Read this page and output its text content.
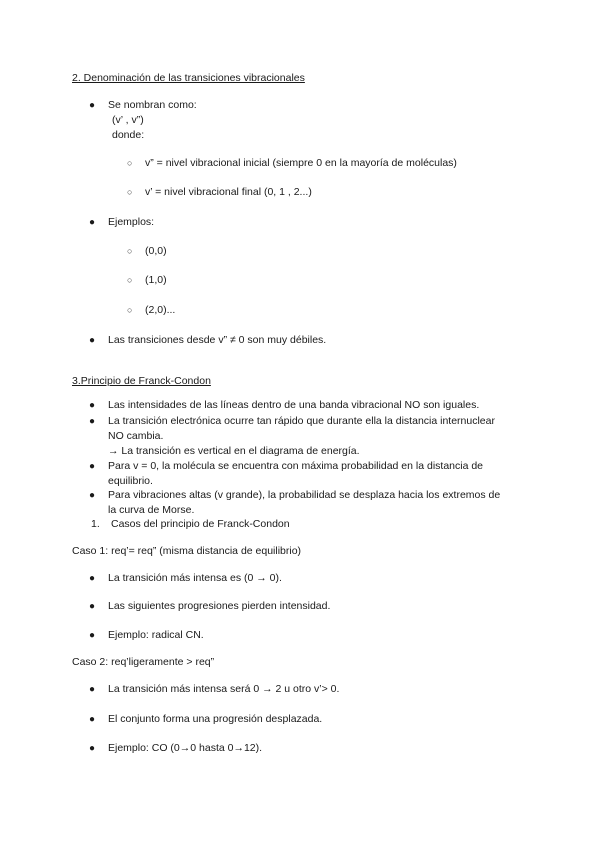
2. Denominación de las transiciones vibracionales
● Se nombran como:
(v’ , v”)
donde:
○ v” = nivel vibracional inicial (siempre 0 en la mayoría de moléculas)
○ v’ = nivel vibracional final (0, 1 , 2...)
● Ejemplos:
○ (0,0)
○ (1,0)
○ (2,0)...
● Las transiciones desde v” ≠ 0 son muy débiles.
3.Principio de Franck-Condon
● Las intensidades de las líneas dentro de una banda vibracional NO son iguales.
● La transición electrónica ocurre tan rápido que durante ella la distancia internuclear
NO cambia.
→ La transición es vertical en el diagrama de energía.
● Para v = 0, la molécula se encuentra con máxima probabilidad en la distancia de
equilibrio.
● Para vibraciones altas (v grande), la probabilidad se desplaza hacia los extremos de
la curva de Morse.
1. Casos del principio de Franck-Condon
Caso 1: req’= req” (misma distancia de equilibrio)
● La transición más intensa es (0 → 0).
● Las siguientes progresiones pierden intensidad.
● Ejemplo: radical CN.
Caso 2: req’ligeramente > req”
● La transición más intensa será 0 → 2 u otro v’> 0.
● El conjunto forma una progresión desplazada.
● Ejemplo: CO (0→0 hasta 0→12).
